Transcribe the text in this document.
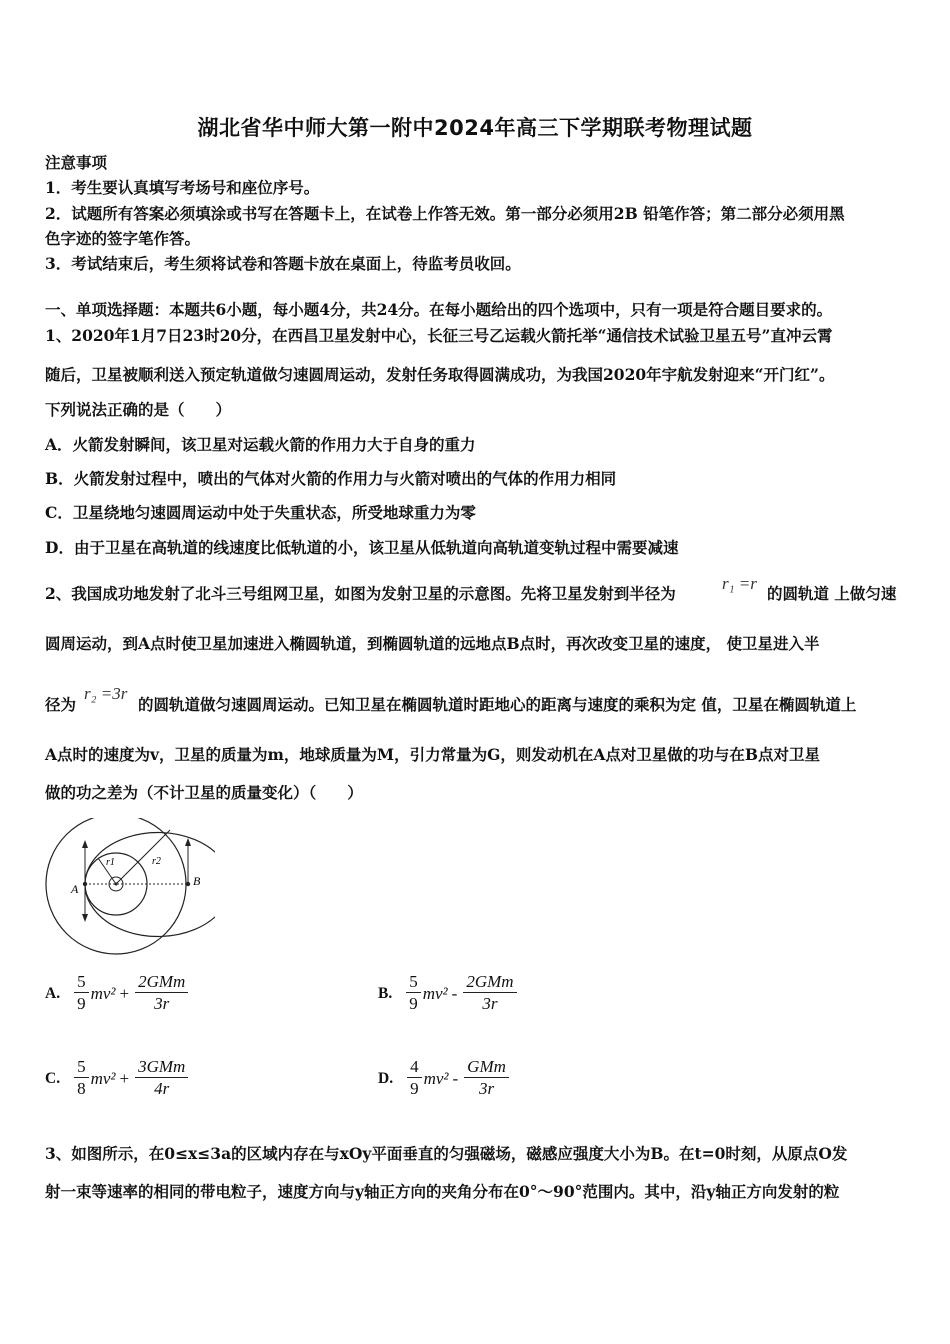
湖北省华中师大第一附中2024年高三下学期联考物理试题
注意事项
1．考生要认真填写考场号和座位序号。
2．试题所有答案必须填涂或书写在答题卡上，在试卷上作答无效。第一部分必须用2B 铅笔作答；第二部分必须用黑
色字迹的签字笔作答。
3．考试结束后，考生须将试卷和答题卡放在桌面上，待监考员收回。
一、单项选择题：本题共6小题，每小题4分，共24分。在每小题给出的四个选项中，只有一项是符合题目要求的。
1、2020年1月7日23时20分，在西昌卫星发射中心，长征三号乙运载火箭托举“通信技术试验卫星五号”直冲云霄
随后，卫星被顺利送入预定轨道做匀速圆周运动，发射任务取得圆满成功，为我国2020年宇航发射迎来“开门红”。
下列说法正确的是（　　）
A．火箭发射瞬间，该卫星对运载火箭的作用力大于自身的重力
B．火箭发射过程中，喷出的气体对火箭的作用力与火箭对喷出的气体的作用力相同
C．卫星绕地匀速圆周运动中处于失重状态，所受地球重力为零
D．由于卫星在高轨道的线速度比低轨道的小，该卫星从低轨道向高轨道变轨过程中需要减速
2、我国成功地发射了北斗三号组网卫星，如图为发射卫星的示意图。先将卫星发射到半径为
r₁ =r
的圆轨道 上做匀速
圆周运动，到A点时使卫星加速进入椭圆轨道，到椭圆轨道的远地点B点时，再次改变卫星的速度， 使卫星进入半
径为
r₂ =3r
的圆轨道做匀速圆周运动。已知卫星在椭圆轨道时距地心的距离与速度的乘积为定 值，卫星在椭圆轨道上
A点时的速度为v，卫星的质量为m，地球质量为M，引力常量为G，则发动机在A点对卫星做的功与在B点对卫星
做的功之差为（不计卫星的质量变化）（　　）
A
B
r1	r2
A. $\frac{5}{9} mv^2 + \frac{\text{2GMm}}{3r}$	B. $\frac{5}{9} mv^2 - \frac{\text{2GMm}}{3r}$
C. $\frac{5}{8} mv^2 + \frac{\text{3GMm}}{4r}$	D. $\frac{4}{9} mv^2 - \frac{\text{GMm}}{3r}$
3、如图所示，在0≤x≤3a的区域内存在与xOy平面垂直的匀强磁场，磁感应强度大小为B。在t=0时刻，从原点O发
射一束等速率的相同的带电粒子，速度方向与y轴正方向的夹角分布在0°～90°范围内。其中，沿y轴正方向发射的粒
